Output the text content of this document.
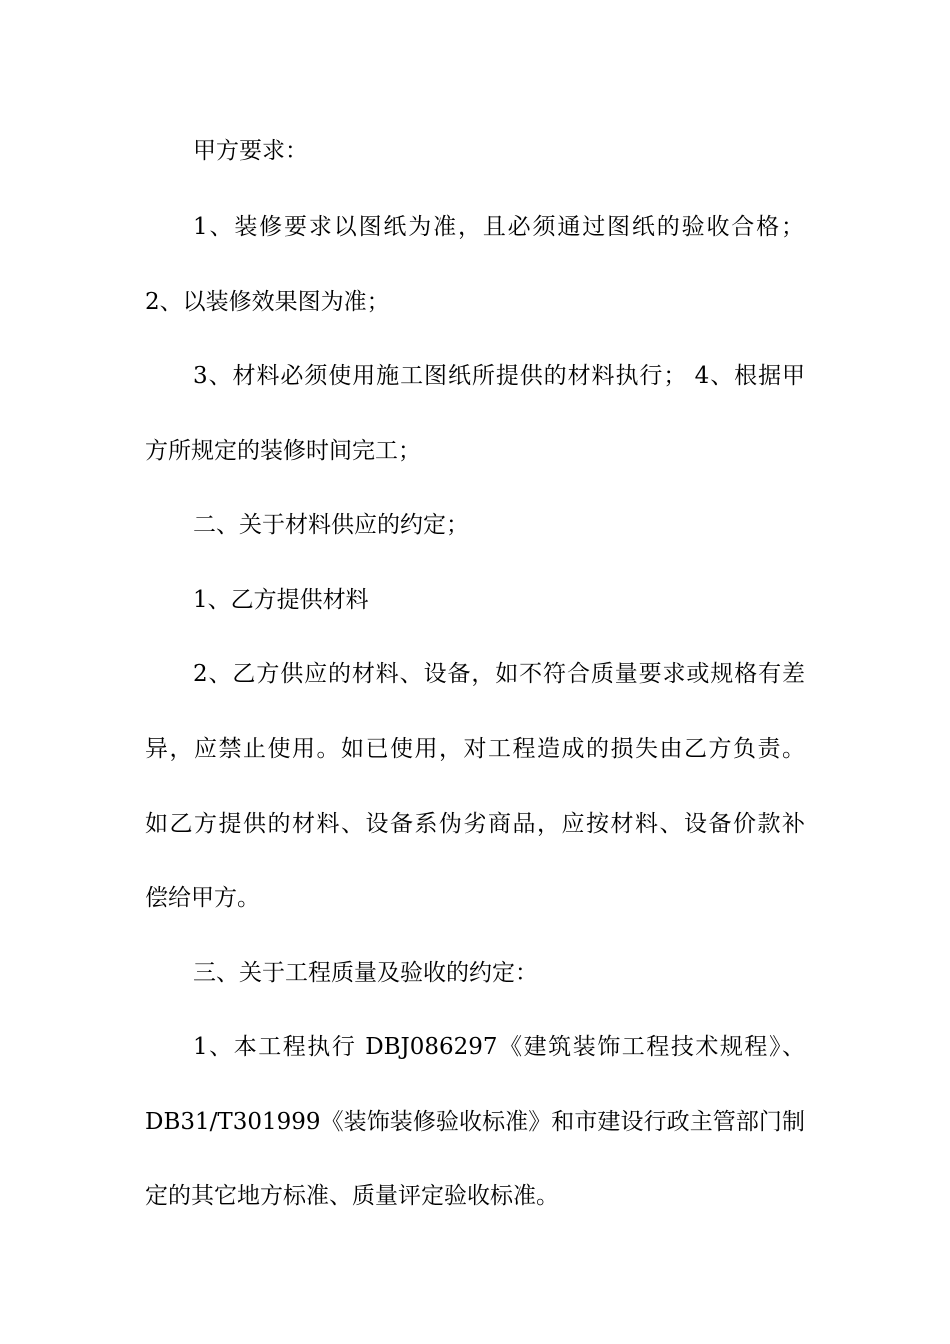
甲方要求：
1、装修要求以图纸为准，且必须通过图纸的验收合格；
2、以装修效果图为准；
3、材料必须使用施工图纸所提供的材料执行； 4、根据甲
方所规定的装修时间完工；
二、关于材料供应的约定；
1、乙方提供材料
2、乙方供应的材料、设备，如不符合质量要求或规格有差
异，应禁止使用。如已使用，对工程造成的损失由乙方负责。
如乙方提供的材料、设备系伪劣商品，应按材料、设备价款补
偿给甲方。
三、关于工程质量及验收的约定：
1、本工程执行 DBJ086297《建筑装饰工程技术规程》、
DB31/T301999《装饰装修验收标准》和市建设行政主管部门制
定的其它地方标准、质量评定验收标准。
